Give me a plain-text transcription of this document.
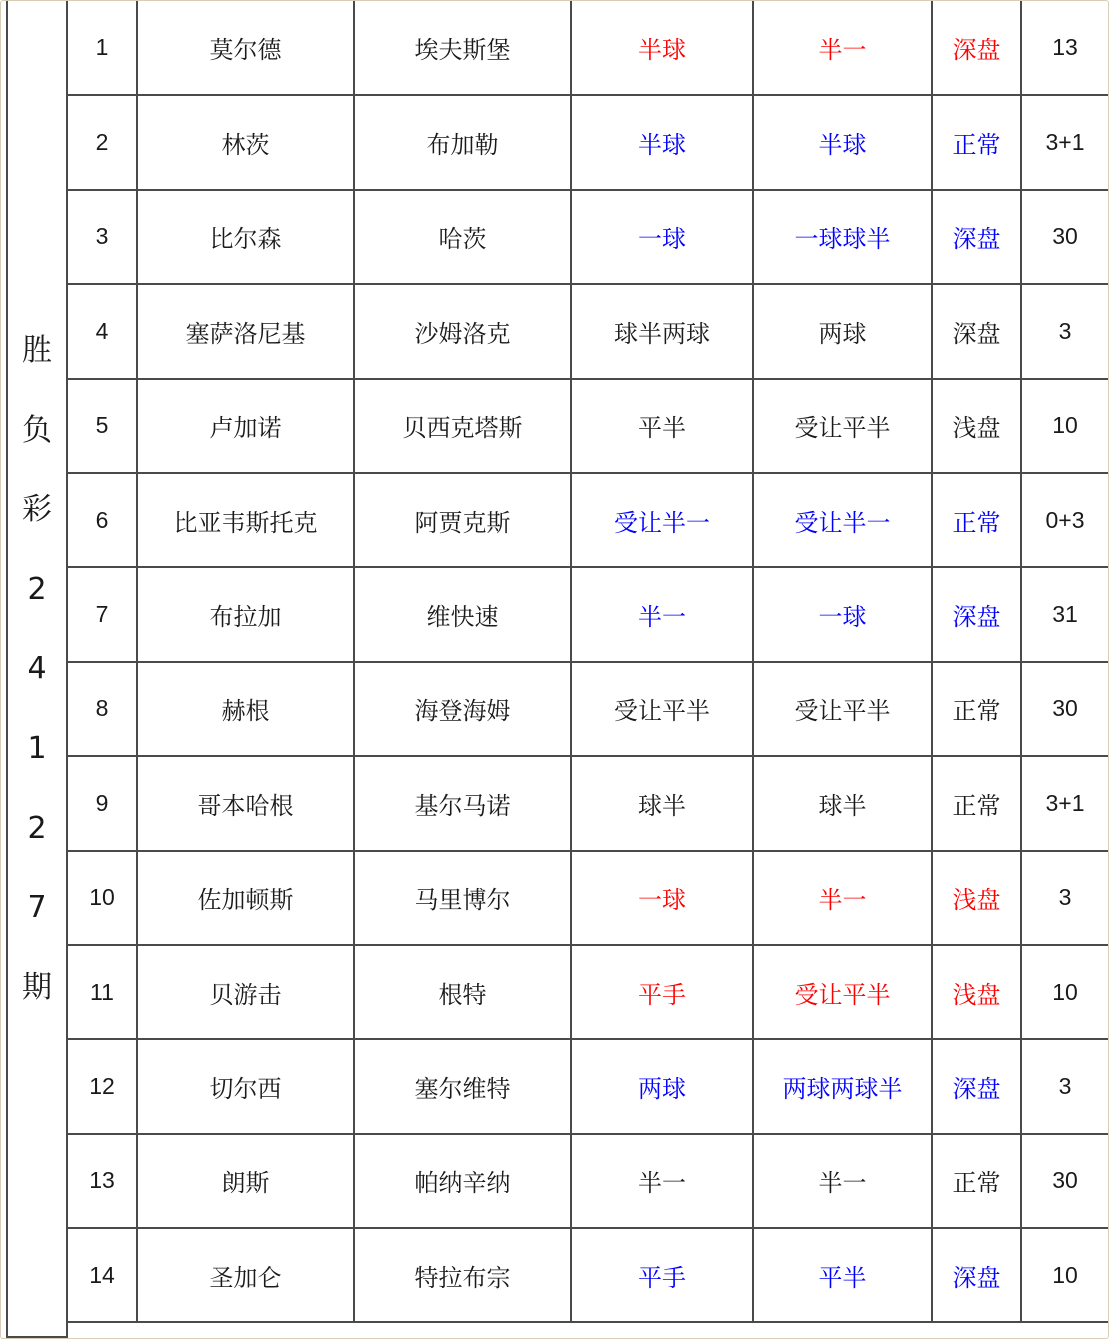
胜
负
彩
2
4
1
2
7
期
1	莫尔德	埃夫斯堡	半球	半一	深盘	13
2	林茨	布加勒	半球	半球	正常	3+1
3	比尔森	哈茨	一球	一球球半	深盘	30
4	塞萨洛尼基	沙姆洛克	球半两球	两球	深盘	3
5	卢加诺	贝西克塔斯	平半	受让平半	浅盘	10
6	比亚韦斯托克	阿贾克斯	受让半一	受让半一	正常	0+3
7	布拉加	维快速	半一	一球	深盘	31
8	赫根	海登海姆	受让平半	受让平半	正常	30
9	哥本哈根	基尔马诺	球半	球半	正常	3+1
10	佐加顿斯	马里博尔	一球	半一	浅盘	3
11	贝游击	根特	平手	受让平半	浅盘	10
12	切尔西	塞尔维特	两球	两球两球半	深盘	3
13	朗斯	帕纳辛纳	半一	半一	正常	30
14	圣加仑	特拉布宗	平手	平半	深盘	10
